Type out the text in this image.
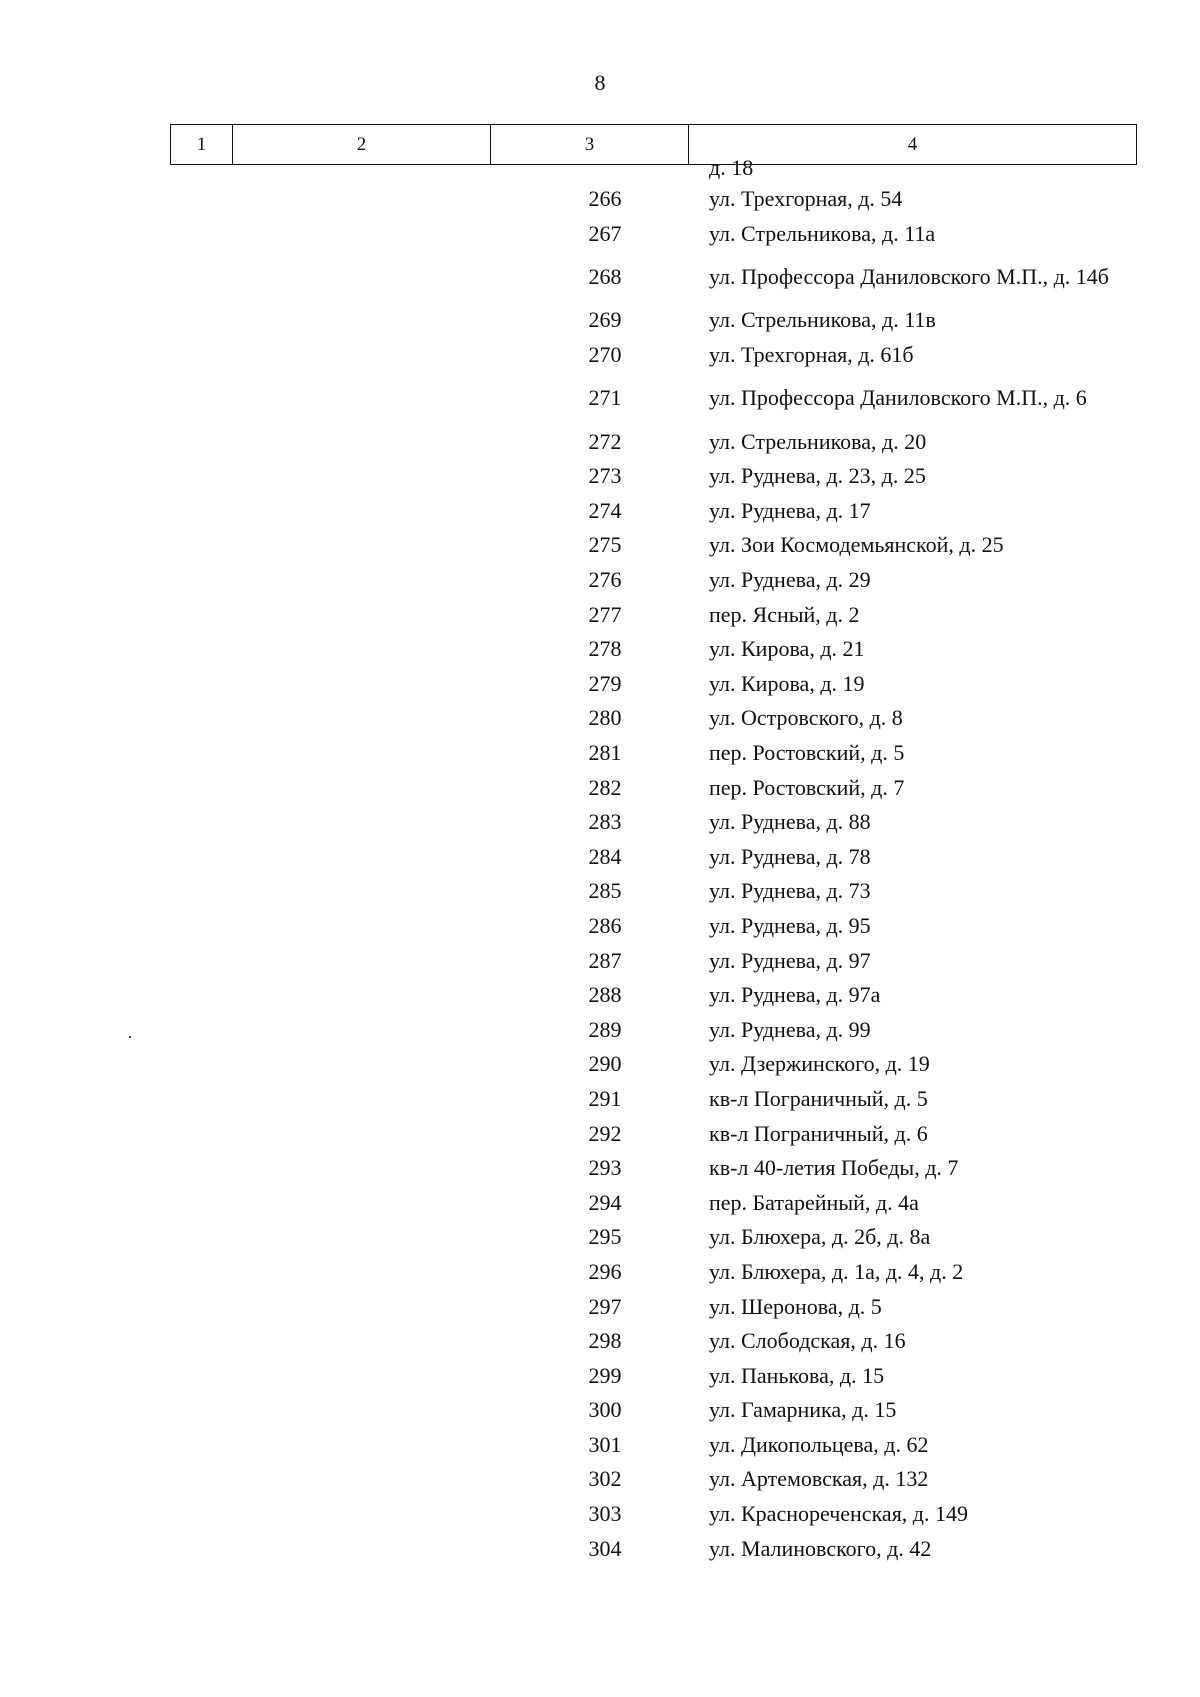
8
1	2	3	4
д. 18
266	ул. Трехгорная, д. 54
267	ул. Стрельникова, д. 11а
268	ул. Профессора Даниловского М.П., д. 14б
269	ул. Стрельникова, д. 11в
270	ул. Трехгорная, д. 61б
271	ул. Профессора Даниловского М.П., д. 6
272	ул. Стрельникова, д. 20
273	ул. Руднева, д. 23, д. 25
274	ул. Руднева, д. 17
275	ул. Зои Космодемьянской, д. 25
276	ул. Руднева, д. 29
277	пер. Ясный, д. 2
278	ул. Кирова, д. 21
279	ул. Кирова, д. 19
280	ул. Островского, д. 8
281	пер. Ростовский, д. 5
282	пер. Ростовский, д. 7
283	ул. Руднева, д. 88
284	ул. Руднева, д. 78
285	ул. Руднева, д. 73
286	ул. Руднева, д. 95
287	ул. Руднева, д. 97
288	ул. Руднева, д. 97а
289	ул. Руднева, д. 99
290	ул. Дзержинского, д. 19
291	кв-л Пограничный, д. 5
292	кв-л Пограничный, д. 6
293	кв-л 40-летия Победы, д. 7
294	пер. Батарейный, д. 4а
295	ул. Блюхера, д. 2б, д. 8а
296	ул. Блюхера, д. 1а, д. 4, д. 2
297	ул. Шеронова, д. 5
298	ул. Слободская, д. 16
299	ул. Панькова, д. 15
300	ул. Гамарника, д. 15
301	ул. Дикопольцева, д. 62
302	ул. Артемовская, д. 132
303	ул. Краснореченская, д. 149
304	ул. Малиновского, д. 42
